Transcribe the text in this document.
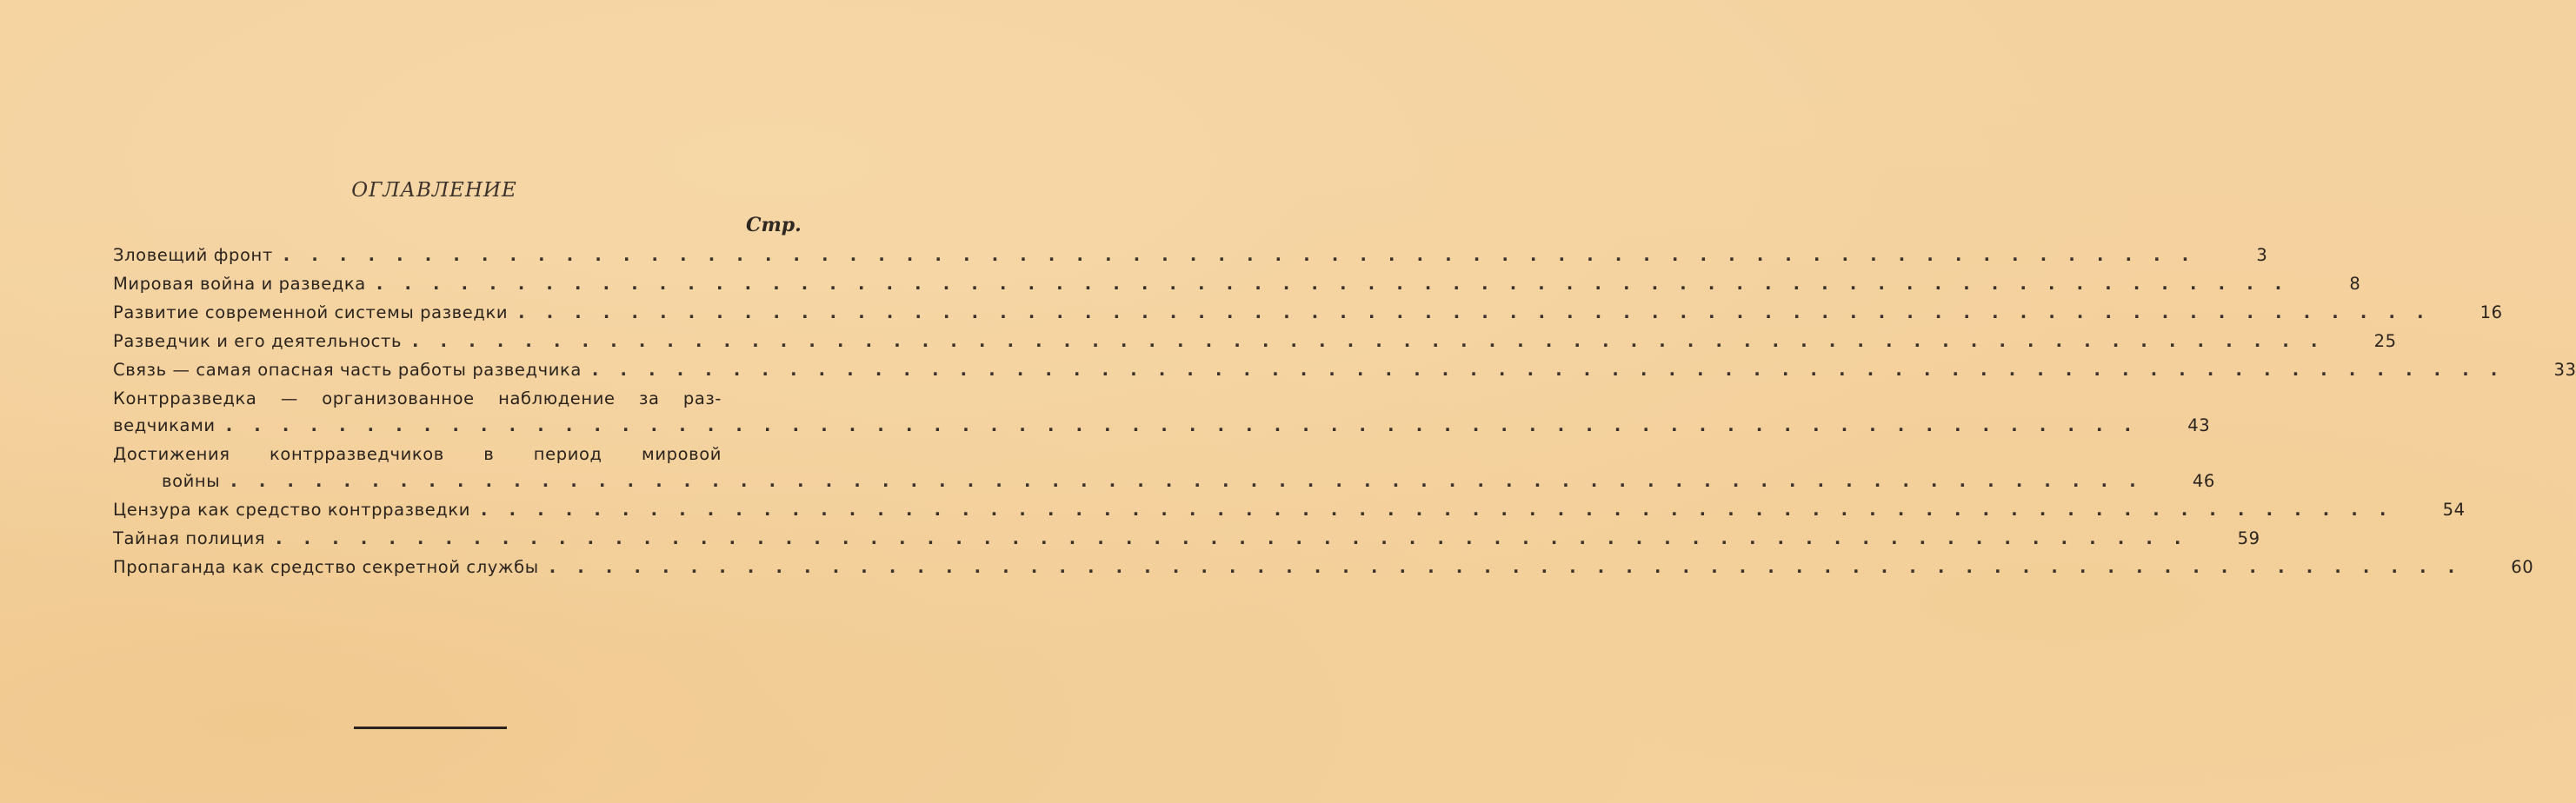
ОГЛАВЛЕНИЕ
Стр.
Зловещий фронт . . . . . . . . . . . . . . . . . . . . . . . . . . . . . . . . . . . . . . . . . . . . . . . . . . . . . . . . . . . . . . . . . . . .	3
Мировая война и разведка . . . . . . . . . . . . . . . . . . . . . . . . . . . . . . . . . . . . . . . . . . . . . . . . . . . . . . . . . . . . . . . . . . . .	8
Развитие современной системы разведки . . . . . . . . . . . . . . . . . . . . . . . . . . . . . . . . . . . . . . . . . . . . . . . . . . . . . . . . . . . . . . . . . . . .	16
Разведчик и его деятельность . . . . . . . . . . . . . . . . . . . . . . . . . . . . . . . . . . . . . . . . . . . . . . . . . . . . . . . . . . . . . . . . . . . .	25
Связь — самая опасная часть работы разведчика . . . . . . . . . . . . . . . . . . . . . . . . . . . . . . . . . . . . . . . . . . . . . . . . . . . . . . . . . . . . . . . . . . . .	33
Контрразведка — организованное наблюдение за раз-
ведчиками . . . . . . . . . . . . . . . . . . . . . . . . . . . . . . . . . . . . . . . . . . . . . . . . . . . . . . . . . . . . . . . . . . . .	43
Достижения контрразведчиков в период мировой
войны . . . . . . . . . . . . . . . . . . . . . . . . . . . . . . . . . . . . . . . . . . . . . . . . . . . . . . . . . . . . . . . . . . . .	46
Цензура как средство контрразведки . . . . . . . . . . . . . . . . . . . . . . . . . . . . . . . . . . . . . . . . . . . . . . . . . . . . . . . . . . . . . . . . . . . .	54
Тайная полиция . . . . . . . . . . . . . . . . . . . . . . . . . . . . . . . . . . . . . . . . . . . . . . . . . . . . . . . . . . . . . . . . . . . .	59
Пропаганда как средство секретной службы . . . . . . . . . . . . . . . . . . . . . . . . . . . . . . . . . . . . . . . . . . . . . . . . . . . . . . . . . . . . . . . . . . . .	60
